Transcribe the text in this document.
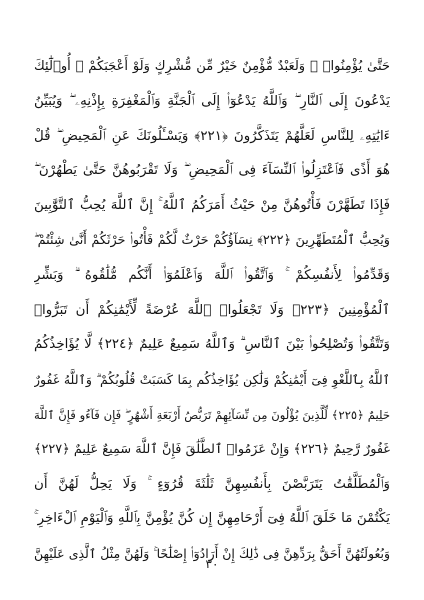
حَتَّىٰ يُؤْمِنُوا۟ ۚ وَلَعَبْدٌ مُّؤْمِنٌ خَيْرٌ مِّن مُّشْرِكٍ وَلَوْ أَعْجَبَكُمْ ۗ أُو۟لَٰٓئِكَ
يَدْعُونَ إِلَى ٱلنَّارِ ۖ وَٱللَّهُ يَدْعُوٓا۟ إِلَى ٱلْجَنَّةِ وَٱلْمَغْفِرَةِ بِإِذْنِهِۦ ۖ وَيُبَيِّنُ
ءَايَٰتِهِۦ لِلنَّاسِ لَعَلَّهُمْ يَتَذَكَّرُونَ ﴿٢٢١﴾ وَيَسْـَٔلُونَكَ عَنِ ٱلْمَحِيضِ ۖ قُلْ
هُوَ أَذًى فَٱعْتَزِلُوا۟ ٱلنِّسَآءَ فِى ٱلْمَحِيضِ ۖ وَلَا تَقْرَبُوهُنَّ حَتَّىٰ يَطْهُرْنَ ۖ
فَإِذَا تَطَهَّرْنَ فَأْتُوهُنَّ مِنْ حَيْثُ أَمَرَكُمُ ٱللَّهُ ۚ إِنَّ ٱللَّهَ يُحِبُّ ٱلتَّوَّٰبِينَ
وَيُحِبُّ ٱلْمُتَطَهِّرِينَ ﴿٢٢٢﴾ نِسَآؤُكُمْ حَرْثٌ لَّكُمْ فَأْتُوا۟ حَرْثَكُمْ أَنَّىٰ شِئْتُمْ ۖ
وَقَدِّمُوا۟ لِأَنفُسِكُمْ ۚ وَٱتَّقُوا۟ ٱللَّهَ وَٱعْلَمُوٓا۟ أَنَّكُم مُّلَٰقُوهُ ۗ وَبَشِّرِ
ٱلْمُؤْمِنِينَ ﴿٢٢٣﴾ وَلَا تَجْعَلُوا۟ ٱللَّهَ عُرْضَةً لِّأَيْمَٰنِكُمْ أَن تَبَرُّوا۟
وَتَتَّقُوا۟ وَتُصْلِحُوا۟ بَيْنَ ٱلنَّاسِ ۗ وَٱللَّهُ سَمِيعٌ عَلِيمٌ ﴿٢٢٤﴾ لَّا يُؤَاخِذُكُمُ
ٱللَّهُ بِٱللَّغْوِ فِىٓ أَيْمَٰنِكُمْ وَلَٰكِن يُؤَاخِذُكُم بِمَا كَسَبَتْ قُلُوبُكُمْ ۗ وَٱللَّهُ غَفُورٌ
حَلِيمٌ ﴿٢٢٥﴾ لِّلَّذِينَ يُؤْلُونَ مِن نِّسَآئِهِمْ تَرَبُّصُ أَرْبَعَةِ أَشْهُرٍ ۖ فَإِن فَآءُو فَإِنَّ ٱللَّهَ
غَفُورٌ رَّحِيمٌ ﴿٢٢٦﴾ وَإِنْ عَزَمُوا۟ ٱلطَّلَٰقَ فَإِنَّ ٱللَّهَ سَمِيعٌ عَلِيمٌ ﴿٢٢٧﴾
وَٱلْمُطَلَّقَٰتُ يَتَرَبَّصْنَ بِأَنفُسِهِنَّ ثَلَٰثَةَ قُرُوٓءٍ ۚ وَلَا يَحِلُّ لَهُنَّ أَن
يَكْتُمْنَ مَا خَلَقَ ٱللَّهُ فِىٓ أَرْحَامِهِنَّ إِن كُنَّ يُؤْمِنَّ بِٱللَّهِ وَٱلْيَوْمِ ٱلْءَاخِرِ ۚ
وَبُعُولَتُهُنَّ أَحَقُّ بِرَدِّهِنَّ فِى ذَٰلِكَ إِنْ أَرَادُوٓا۟ إِصْلَٰحًا ۚ وَلَهُنَّ مِثْلُ ٱلَّذِى عَلَيْهِنَّ
٣٠
